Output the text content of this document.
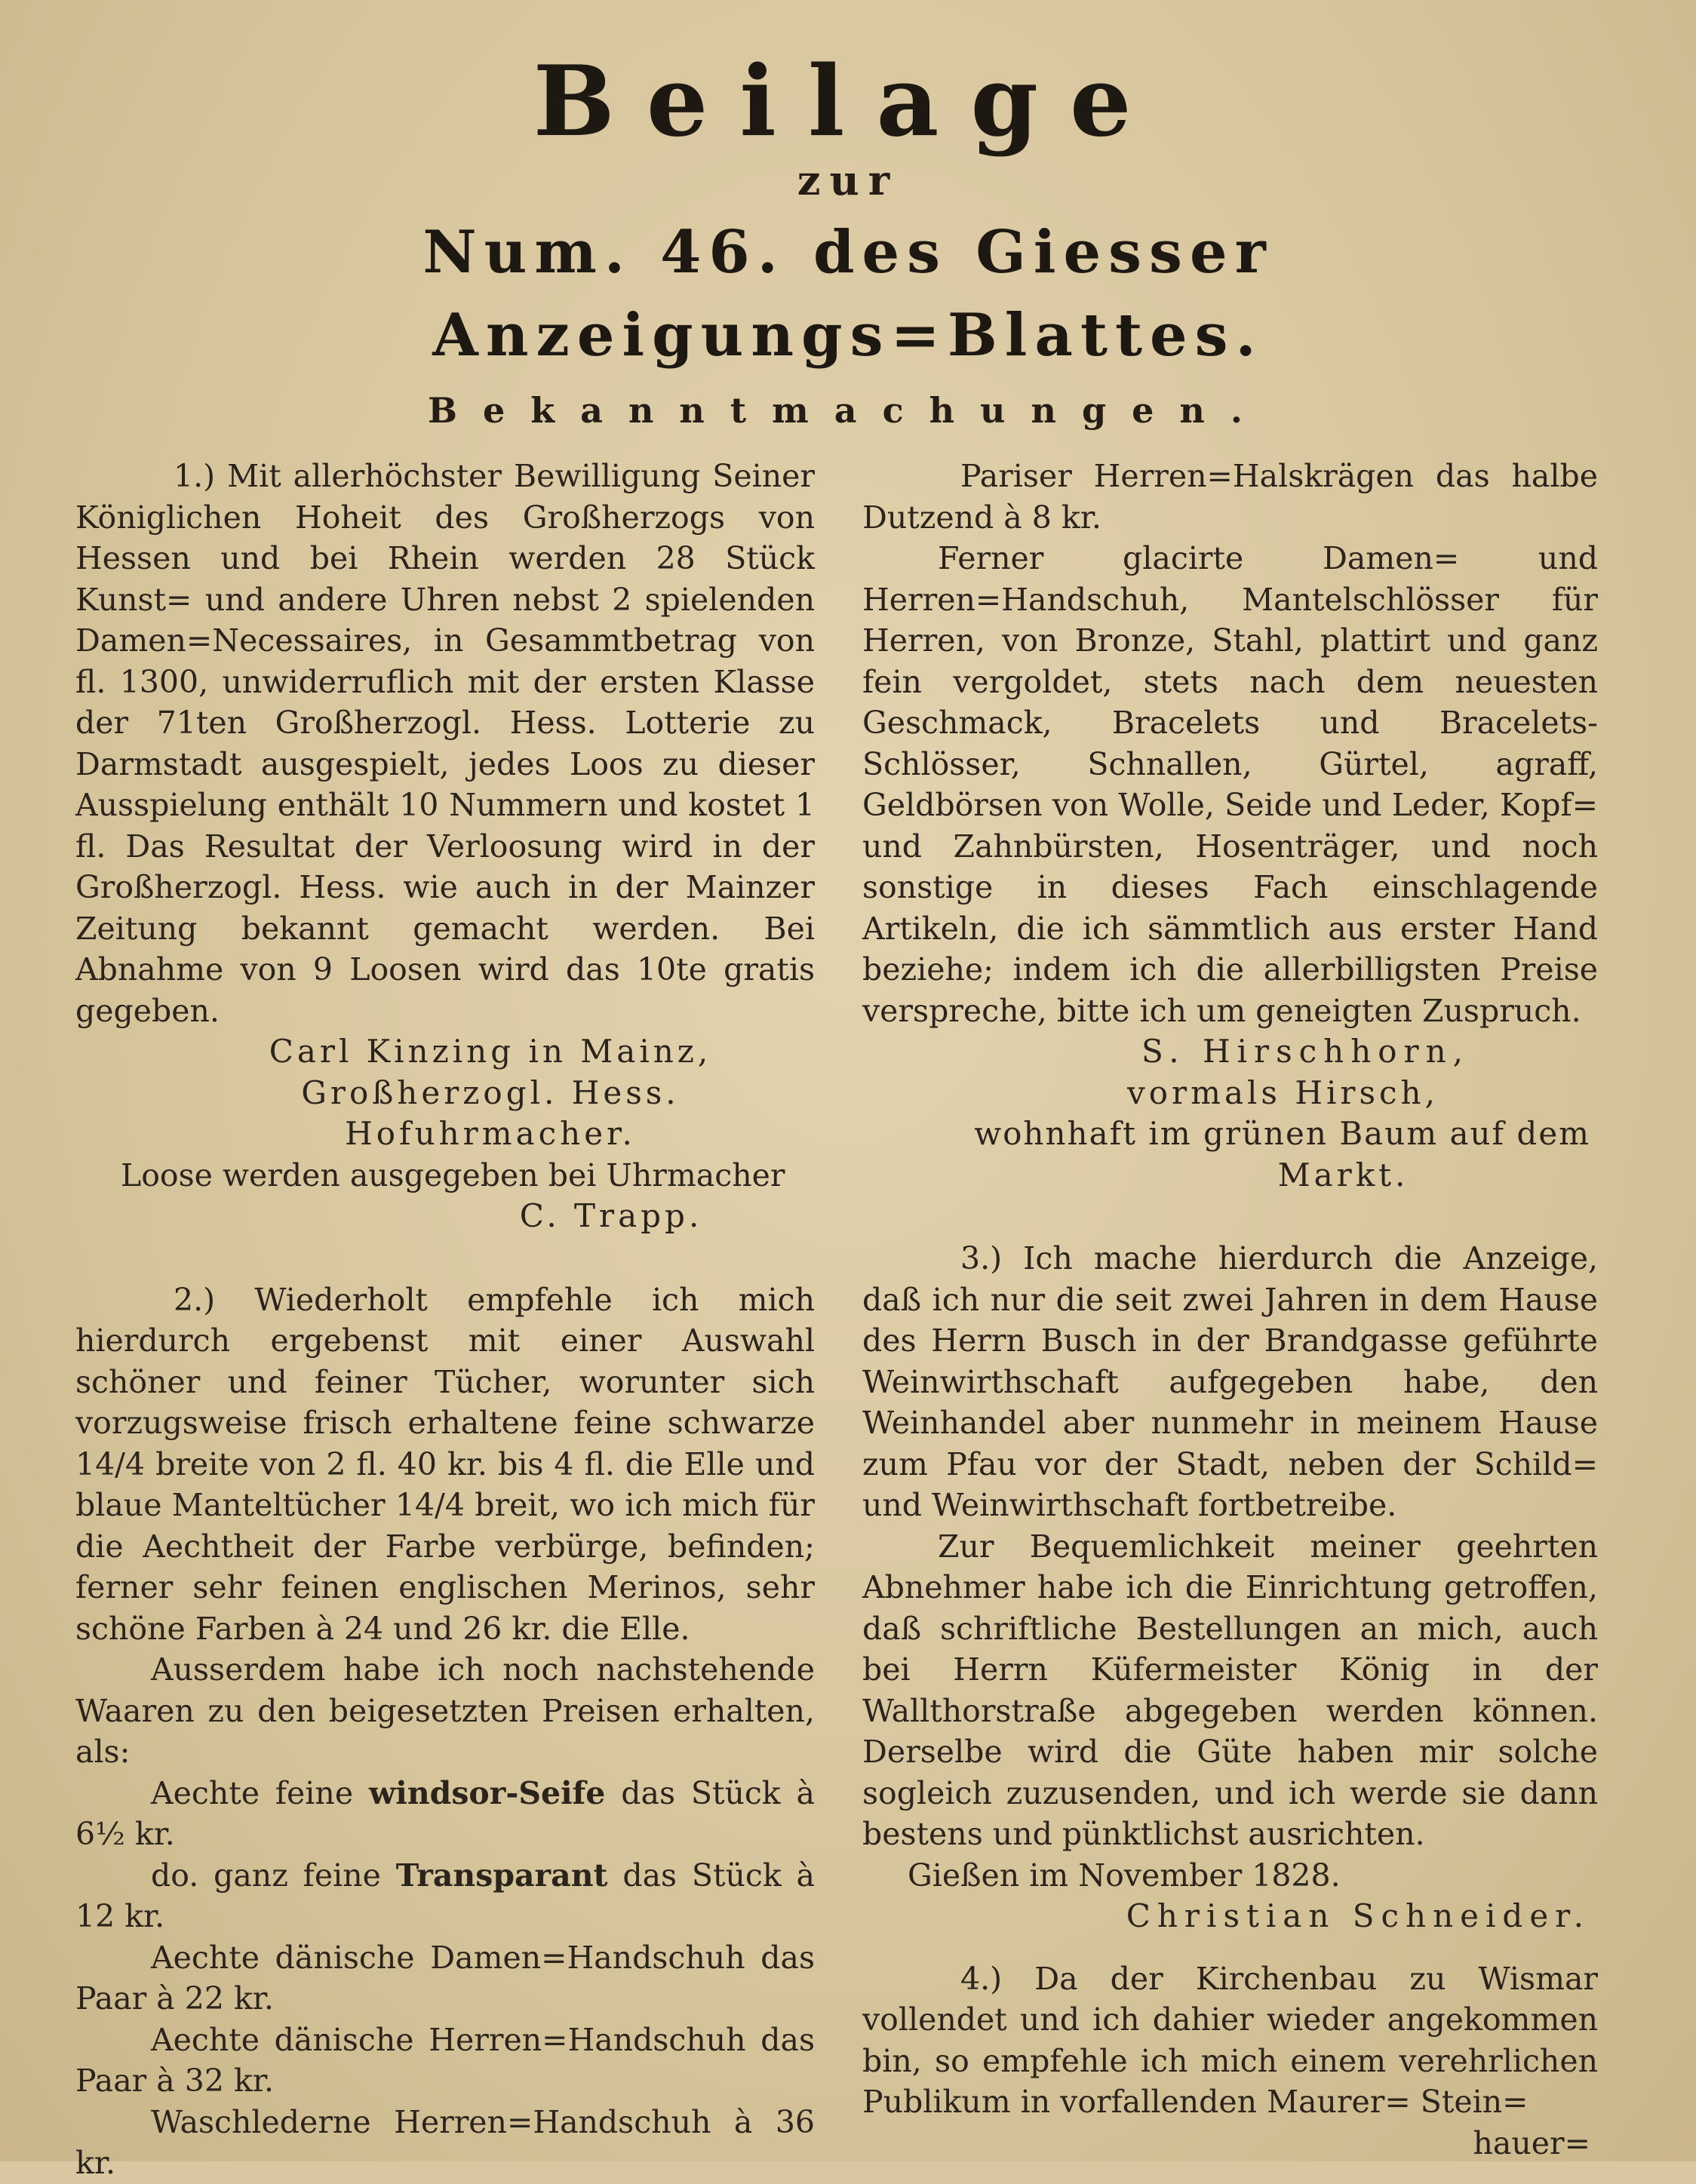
Beilage
zur
Num. 46. des Giesser Anzeigungs=Blattes.
Bekanntmachungen.

1.) Mit allerhöchster Bewilligung Seiner Königlichen Hoheit des Großherzogs von Hessen und bei Rhein werden 28 Stück Kunst= und andere Uhren nebst 2 spielenden Damen=Necessaires, in Gesammtbetrag von fl. 1300, unwiderruflich mit der ersten Klasse der 71ten Großherzogl. Hess. Lotterie zu Darmstadt ausgespielt, jedes Loos zu dieser Ausspielung enthält 10 Nummern und kostet 1 fl. Das Resultat der Verloosung wird in der Großherzogl. Hess. wie auch in der Mainzer Zeitung bekannt gemacht werden. Bei Abnahme von 9 Loosen wird das 10te gratis gegeben.

Carl Kinzing in Mainz,

Großherzogl. Hess. Hofuhrmacher.

Loose werden ausgegeben bei Uhrmacher

C. Trapp.

2.) Wiederholt empfehle ich mich hierdurch ergebenst mit einer Auswahl schöner und feiner Tücher, worunter sich vorzugsweise frisch erhaltene feine schwarze 14/4 breite von 2 fl. 40 kr. bis 4 fl. die Elle und blaue Manteltücher 14/4 breit, wo ich mich für die Aechtheit der Farbe verbürge, befinden; ferner sehr feinen englischen Merinos, sehr schöne Farben à 24 und 26 kr. die Elle.

Ausserdem habe ich noch nachstehende Waaren zu den beigesetzten Preisen erhalten, als:

Aechte feine windsor-Seife das Stück à 6½ kr.

do. ganz feine Transparant das Stück à 12 kr.

Aechte dänische Damen=Handschuh das Paar à 22 kr.

Aechte dänische Herren=Handschuh das Paar à 32 kr.

Waschlederne Herren=Handschuh à 36 kr.

Pariser Herren=Halskrägen das halbe Dutzend à 8 kr.

Ferner glacirte Damen= und Herren=Handschuh, Mantelschlösser für Herren, von Bronze, Stahl, plattirt und ganz fein vergoldet, stets nach dem neuesten Geschmack, Bracelets und Bracelets-Schlösser, Schnallen, Gürtel, agraff, Geldbörsen von Wolle, Seide und Leder, Kopf= und Zahnbürsten, Hosenträger, und noch sonstige in dieses Fach einschlagende Artikeln, die ich sämmtlich aus erster Hand beziehe; indem ich die allerbilligsten Preise verspreche, bitte ich um geneigten Zuspruch.

S. Hirschhorn,

vormals Hirsch,

wohnhaft im grünen Baum auf dem

Markt.

3.) Ich mache hierdurch die Anzeige, daß ich nur die seit zwei Jahren in dem Hause des Herrn Busch in der Brandgasse geführte Weinwirthschaft aufgegeben habe, den Weinhandel aber nunmehr in meinem Hause zum Pfau vor der Stadt, neben der Schild= und Weinwirthschaft fortbetreibe.

Zur Bequemlichkeit meiner geehrten Abnehmer habe ich die Einrichtung getroffen, daß schriftliche Bestellungen an mich, auch bei Herrn Küfermeister König in der Wallthorstraße abgegeben werden können. Derselbe wird die Güte haben mir solche sogleich zuzusenden, und ich werde sie dann bestens und pünktlichst ausrichten.

Gießen im November 1828.

Christian Schneider.

4.) Da der Kirchenbau zu Wismar vollendet und ich dahier wieder angekommen bin, so empfehle ich mich einem verehrlichen Publikum in vorfallenden Maurer= Stein=

hauer=
